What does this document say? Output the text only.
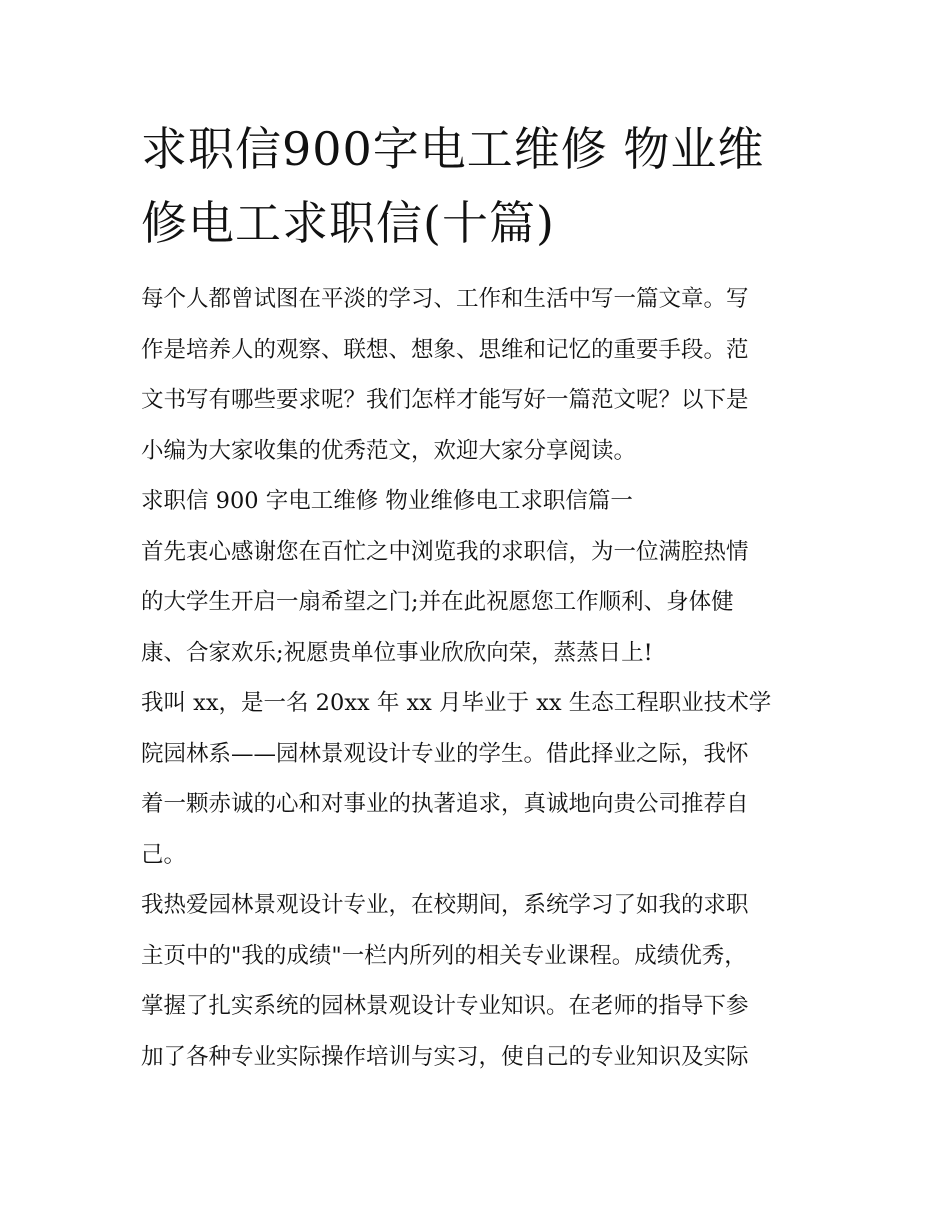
求职信900字电工维修 物业维
修电工求职信(十篇)
每个人都曾试图在平淡的学习、工作和生活中写一篇文章。写
作是培养人的观察、联想、想象、思维和记忆的重要手段。范
文书写有哪些要求呢？我们怎样才能写好一篇范文呢？以下是
小编为大家收集的优秀范文，欢迎大家分享阅读。
求职信 900 字电工维修 物业维修电工求职信篇一
首先衷心感谢您在百忙之中浏览我的求职信，为一位满腔热情
的大学生开启一扇希望之门;并在此祝愿您工作顺利、身体健
康、合家欢乐;祝愿贵单位事业欣欣向荣，蒸蒸日上!
我叫 xx，是一名 20xx 年 xx 月毕业于 xx 生态工程职业技术学
院园林系——园林景观设计专业的学生。借此择业之际，我怀
着一颗赤诚的心和对事业的执著追求，真诚地向贵公司推荐自
己。
我热爱园林景观设计专业，在校期间，系统学习了如我的求职
主页中的"我的成绩"一栏内所列的相关专业课程。成绩优秀，
掌握了扎实系统的园林景观设计专业知识。在老师的指导下参
加了各种专业实际操作培训与实习，使自己的专业知识及实际
